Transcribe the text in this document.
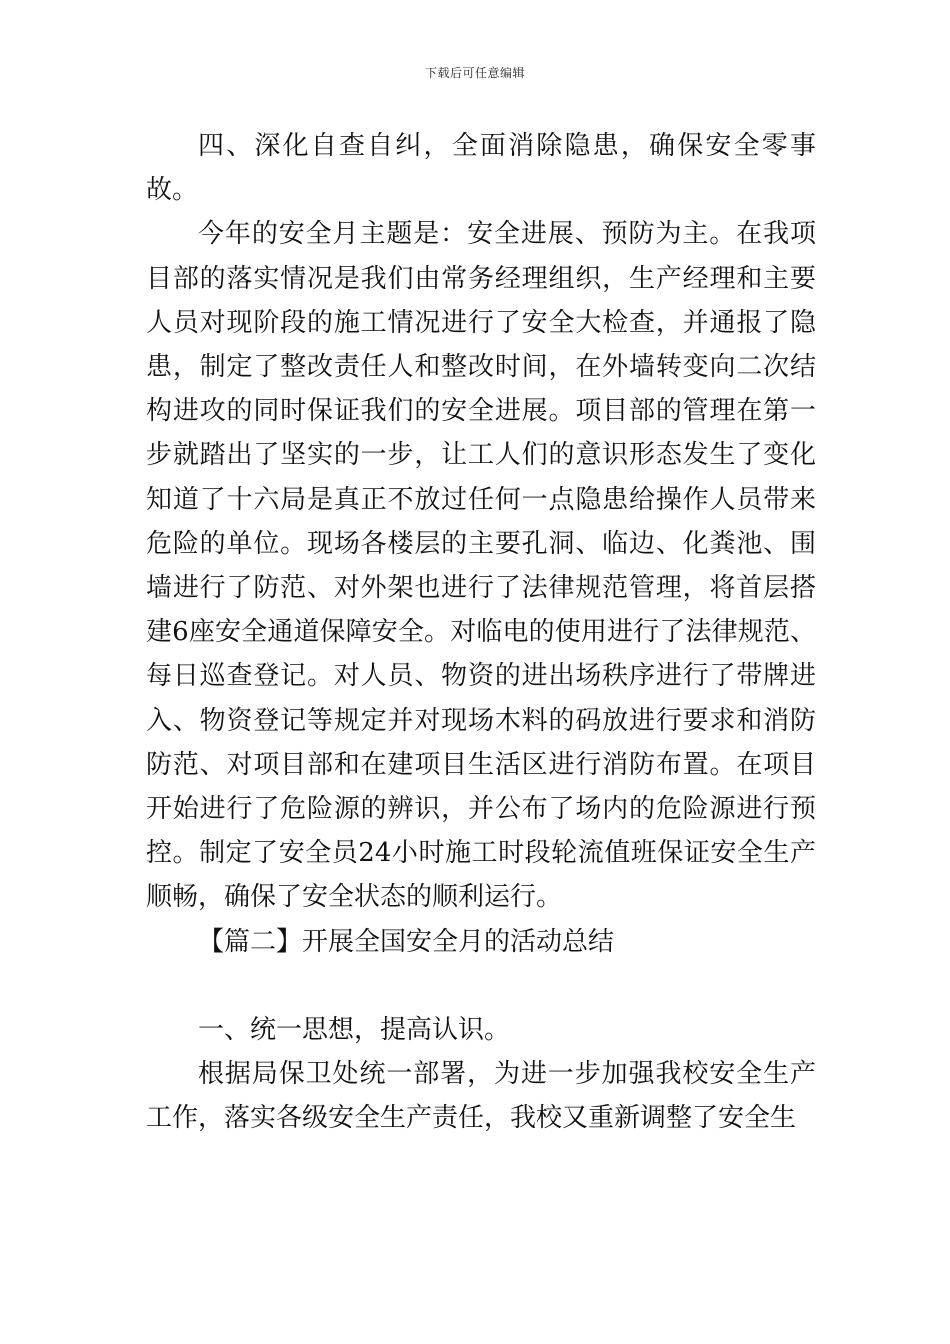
下载后可任意编辑

四、深化自查自纠，全面消除隐患，确保安全零事故。

今年的安全月主题是：安全进展、预防为主。在我项目部的落实情况是我们由常务经理组织，生产经理和主要人员对现阶段的施工情况进行了安全大检查，并通报了隐患，制定了整改责任人和整改时间，在外墙转变向二次结构进攻的同时保证我们的安全进展。项目部的管理在第一步就踏出了坚实的一步，让工人们的意识形态发生了变化知道了十六局是真正不放过任何一点隐患给操作人员带来危险的单位。现场各楼层的主要孔洞、临边、化粪池、围墙进行了防范、对外架也进行了法律规范管理，将首层搭建6座安全通道保障安全。对临电的使用进行了法律规范、每日巡查登记。对人员、物资的进出场秩序进行了带牌进入、物资登记等规定并对现场木料的码放进行要求和消防防范、对项目部和在建项目生活区进行消防布置。在项目开始进行了危险源的辨识，并公布了场内的危险源进行预控。制定了安全员24小时施工时段轮流值班保证安全生产顺畅，确保了安全状态的顺利运行。

【篇二】开展全国安全月的活动总结

一、统一思想，提高认识。

根据局保卫处统一部署，为进一步加强我校安全生产工作，落实各级安全生产责任，我校又重新调整了安全生
